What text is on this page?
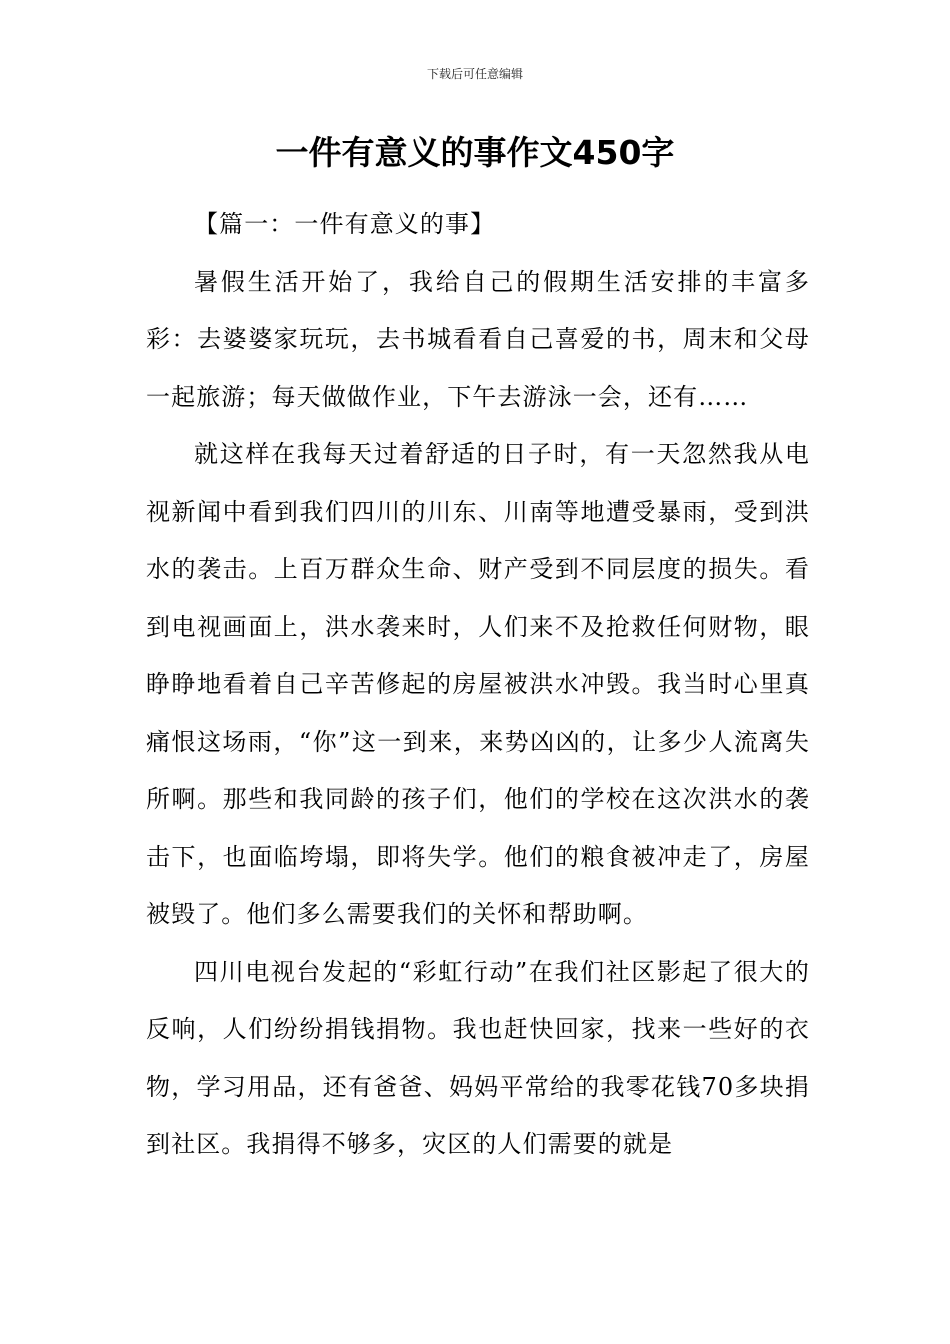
下载后可任意编辑
一件有意义的事作文450字

【篇一：一件有意义的事】

暑假生活开始了，我给自己的假期生活安排的丰富多彩：去婆婆家玩玩，去书城看看自己喜爱的书，周末和父母一起旅游；每天做做作业，下午去游泳一会，还有……

就这样在我每天过着舒适的日子时，有一天忽然我从电视新闻中看到我们四川的川东、川南等地遭受暴雨，受到洪水的袭击。上百万群众生命、财产受到不同层度的损失。看到电视画面上，洪水袭来时，人们来不及抢救任何财物，眼睁睁地看着自己辛苦修起的房屋被洪水冲毁。我当时心里真痛恨这场雨，“你”这一到来，来势凶凶的，让多少人流离失所啊。那些和我同龄的孩子们，他们的学校在这次洪水的袭击下，也面临垮塌，即将失学。他们的粮食被冲走了，房屋被毁了。他们多么需要我们的关怀和帮助啊。

四川电视台发起的“彩虹行动”在我们社区影起了很大的反响，人们纷纷捐钱捐物。我也赶快回家，找来一些好的衣物，学习用品，还有爸爸、妈妈平常给的我零花钱70多块捐到社区。我捐得不够多，灾区的人们需要的就是
